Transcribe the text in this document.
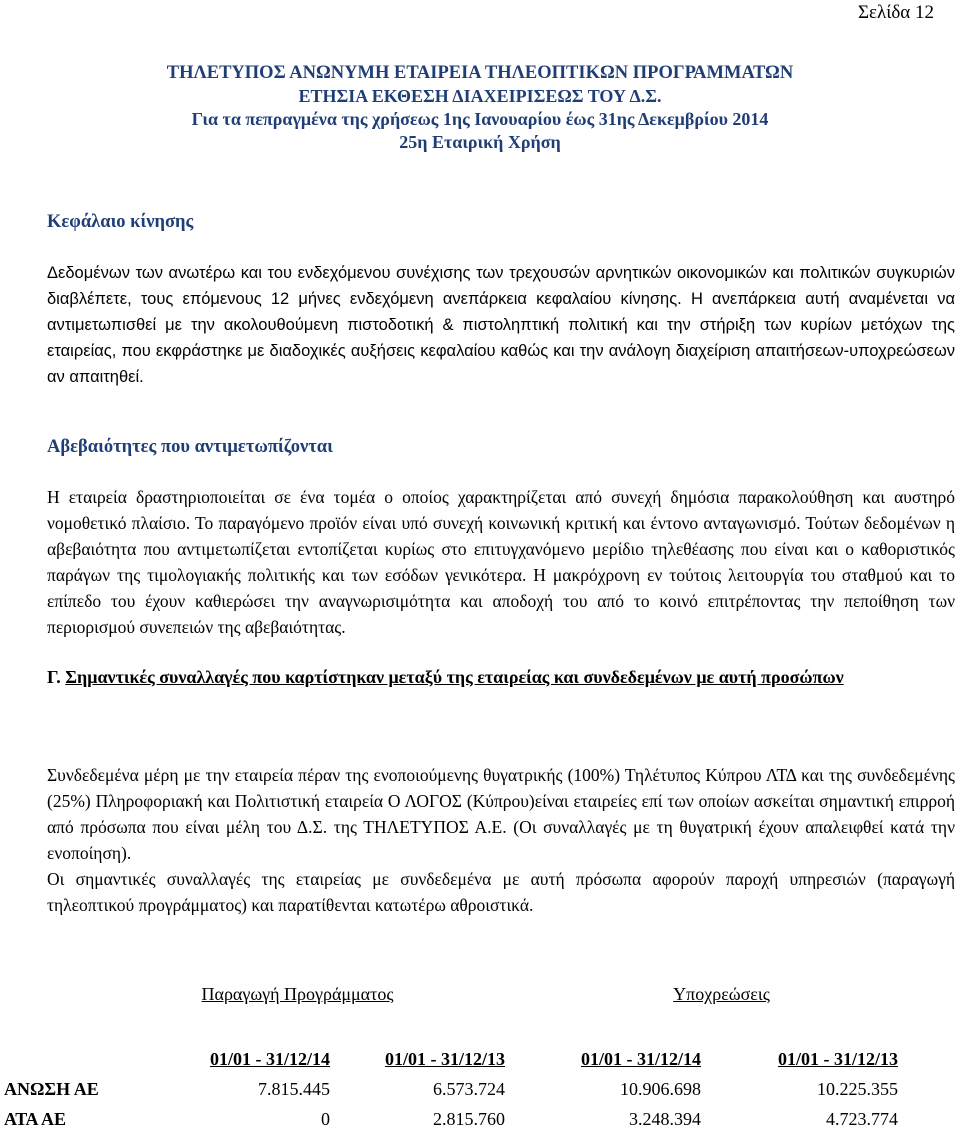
Σελίδα 12
ΤΗΛΕΤΥΠΟΣ ΑΝΩΝΥΜΗ ΕΤΑΙΡΕΙΑ ΤΗΛΕΟΠΤΙΚΩΝ ΠΡΟΓΡΑΜΜΑΤΩΝ
ΕΤΗΣΙΑ ΕΚΘΕΣΗ ΔΙΑΧΕΙΡΙΣΕΩΣ ΤΟΥ Δ.Σ.
Για τα πεπραγμένα της χρήσεως 1ης Ιανουαρίου έως 31ης Δεκεμβρίου 2014
25η Εταιρική Χρήση
Κεφάλαιο κίνησης
Δεδομένων των ανωτέρω και του ενδεχόμενου συνέχισης των τρεχουσών αρνητικών οικονομικών και πολιτικών συγκυριών διαβλέπετε, τους επόμενους 12 μήνες ενδεχόμενη ανεπάρκεια κεφαλαίου κίνησης. Η ανεπάρκεια αυτή αναμένεται να αντιμετωπισθεί με την ακολουθούμενη πιστοδοτική & πιστοληπτική πολιτική και την στήριξη των κυρίων μετόχων της εταιρείας, που εκφράστηκε με διαδοχικές αυξήσεις κεφαλαίου καθώς και την ανάλογη διαχείριση απαιτήσεων-υποχρεώσεων αν απαιτηθεί.
Αβεβαιότητες που αντιμετωπίζονται
Η εταιρεία δραστηριοποιείται σε ένα τομέα ο οποίος χαρακτηρίζεται από συνεχή δημόσια παρακολούθηση και αυστηρό νομοθετικό πλαίσιο. Το παραγόμενο προϊόν είναι υπό συνεχή κοινωνική κριτική και έντονο ανταγωνισμό. Τούτων δεδομένων η αβεβαιότητα που αντιμετωπίζεται εντοπίζεται κυρίως στο επιτυγχανόμενο μερίδιο τηλεθέασης που είναι και ο καθοριστικός παράγων της τιμολογιακής πολιτικής και των εσόδων γενικότερα. Η μακρόχρονη εν τούτοις λειτουργία του σταθμού και το επίπεδο του έχουν καθιερώσει την αναγνωρισιμότητα και αποδοχή του από το κοινό επιτρέποντας την πεποίθηση των περιορισμού συνεπειών της αβεβαιότητας.
Γ. Σημαντικές συναλλαγές που καρτίστηκαν μεταξύ της εταιρείας και συνδεδεμένων με αυτή προσώπων
Συνδεδεμένα μέρη με την εταιρεία πέραν της ενοποιούμενης θυγατρικής (100%) Τηλέτυπος Κύπρου ΛΤΔ και της συνδεδεμένης (25%) Πληροφοριακή και Πολιτιστική εταιρεία Ο ΛΟΓΟΣ (Κύπρου)είναι εταιρείες επί των οποίων ασκείται σημαντική επιρροή από πρόσωπα που είναι μέλη του Δ.Σ. της ΤΗΛΕΤΥΠΟΣ Α.Ε. (Οι συναλλαγές με τη θυγατρική έχουν απαλειφθεί κατά την ενοποίηση).
Οι σημαντικές συναλλαγές της εταιρείας με συνδεδεμένα με αυτή πρόσωπα αφορούν παροχή υπηρεσιών (παραγωγή τηλεοπτικού προγράμματος) και παρατίθενται κατωτέρω αθροιστικά.
	Παραγωγή Προγράμματος		Υποχρεώσεις		

	01/01 - 31/12/14	01/01 - 31/12/13	01/01 - 31/12/14	01/01 - 31/12/13	
ΑΝΩΣΗ ΑΕ	7.815.445	6.573.724	10.906.698	10.225.355	
ΑΤΑ ΑΕ	0	2.815.760	3.248.394	4.723.774	
